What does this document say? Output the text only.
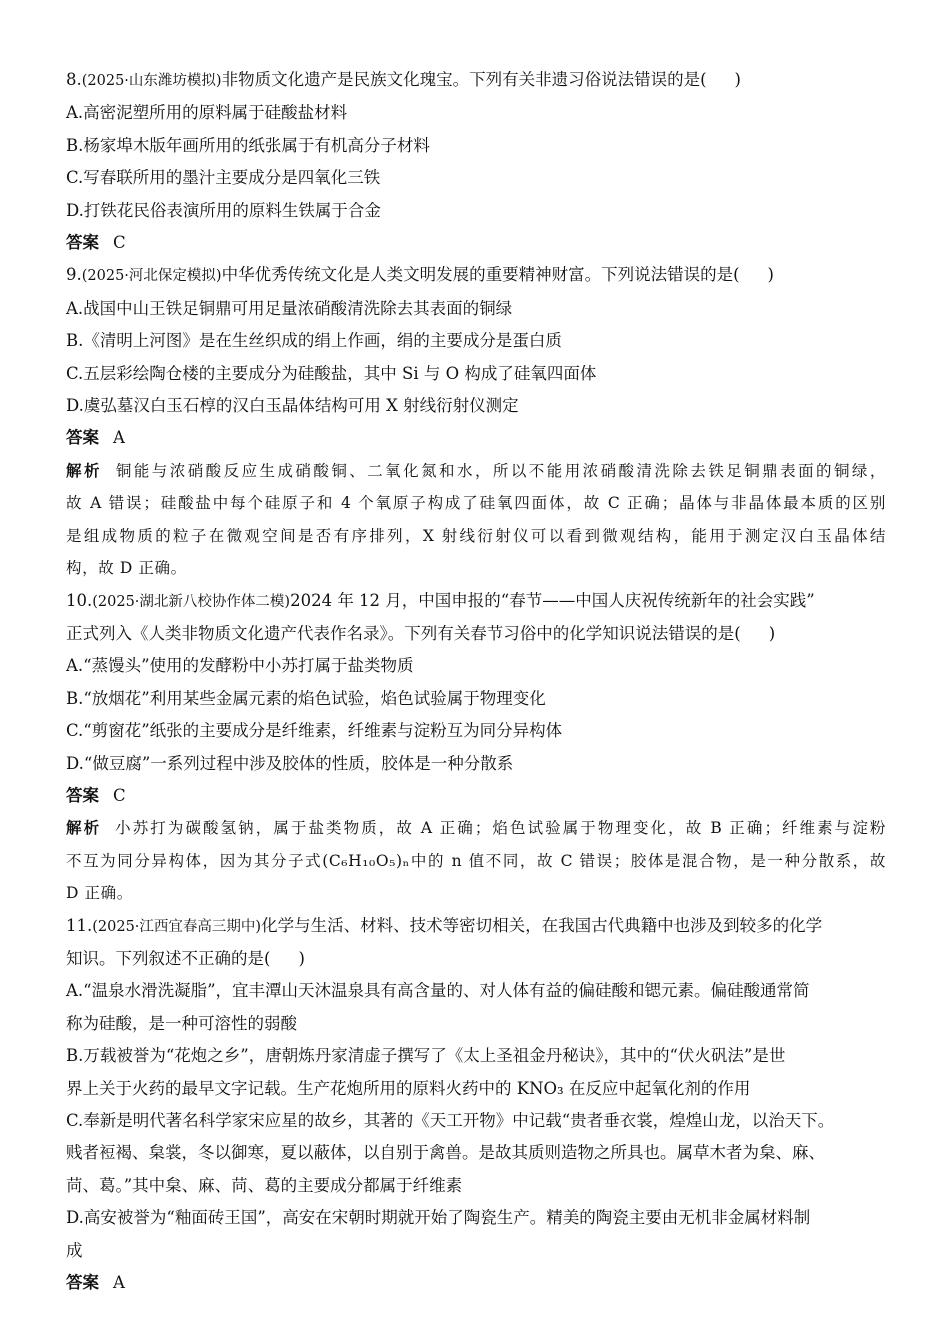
8.(2025·山东潍坊模拟)非物质文化遗产是民族文化瑰宝。下列有关非遗习俗说法错误的是( )

A.高密泥塑所用的原料属于硅酸盐材料

B.杨家埠木版年画所用的纸张属于有机高分子材料

C.写春联所用的墨汁主要成分是四氧化三铁

D.打铁花民俗表演所用的原料生铁属于合金

答案 C

9.(2025·河北保定模拟)中华优秀传统文化是人类文明发展的重要精神财富。下列说法错误的是( )

A.战国中山王铁足铜鼎可用足量浓硝酸清洗除去其表面的铜绿

B.《清明上河图》是在生丝织成的绢上作画，绢的主要成分是蛋白质

C.五层彩绘陶仓楼的主要成分为硅酸盐，其中 Si 与 O 构成了硅氧四面体

D.虞弘墓汉白玉石椁的汉白玉晶体结构可用 X 射线衍射仪测定

答案 A

解析 铜能与浓硝酸反应生成硝酸铜、二氧化氮和水，所以不能用浓硝酸清洗除去铁足铜鼎表面的铜绿，

故 A 错误；硅酸盐中每个硅原子和 4 个氧原子构成了硅氧四面体，故 C 正确；晶体与非晶体最本质的区别

是组成物质的粒子在微观空间是否有序排列，X 射线衍射仪可以看到微观结构，能用于测定汉白玉晶体结

构，故 D 正确。

10.(2025·湖北新八校协作体二模)2024 年 12 月，中国申报的“春节——中国人庆祝传统新年的社会实践”

正式列入《人类非物质文化遗产代表作名录》。下列有关春节习俗中的化学知识说法错误的是( )

A.“蒸馒头”使用的发酵粉中小苏打属于盐类物质

B.“放烟花”利用某些金属元素的焰色试验，焰色试验属于物理变化

C.“剪窗花”纸张的主要成分是纤维素，纤维素与淀粉互为同分异构体

D.“做豆腐”一系列过程中涉及胶体的性质，胶体是一种分散系

答案 C

解析 小苏打为碳酸氢钠，属于盐类物质，故 A 正确；焰色试验属于物理变化，故 B 正确；纤维素与淀粉

不互为同分异构体，因为其分子式(C₆H₁₀O₅)ₙ中的 n 值不同，故 C 错误；胶体是混合物，是一种分散系，故

D 正确。

11.(2025·江西宜春高三期中)化学与生活、材料、技术等密切相关，在我国古代典籍中也涉及到较多的化学

知识。下列叙述不正确的是( )

A.“温泉水滑洗凝脂”，宜丰潭山天沐温泉具有高含量的、对人体有益的偏硅酸和锶元素。偏硅酸通常简

称为硅酸，是一种可溶性的弱酸

B.万载被誉为“花炮之乡”，唐朝炼丹家清虚子撰写了《太上圣祖金丹秘诀》，其中的“伏火矾法”是世

界上关于火药的最早文字记载。生产花炮所用的原料火药中的 KNO₃ 在反应中起氧化剂的作用

C.奉新是明代著名科学家宋应星的故乡，其著的《天工开物》中记载“贵者垂衣裳，煌煌山龙，以治天下。

贱者裋褐、枲裳，冬以御寒，夏以蔽体，以自别于禽兽。是故其质则造物之所具也。属草木者为枲、麻、

苘、葛。”其中枲、麻、苘、葛的主要成分都属于纤维素

D.高安被誉为“釉面砖王国”，高安在宋朝时期就开始了陶瓷生产。精美的陶瓷主要由无机非金属材料制

成

答案 A
